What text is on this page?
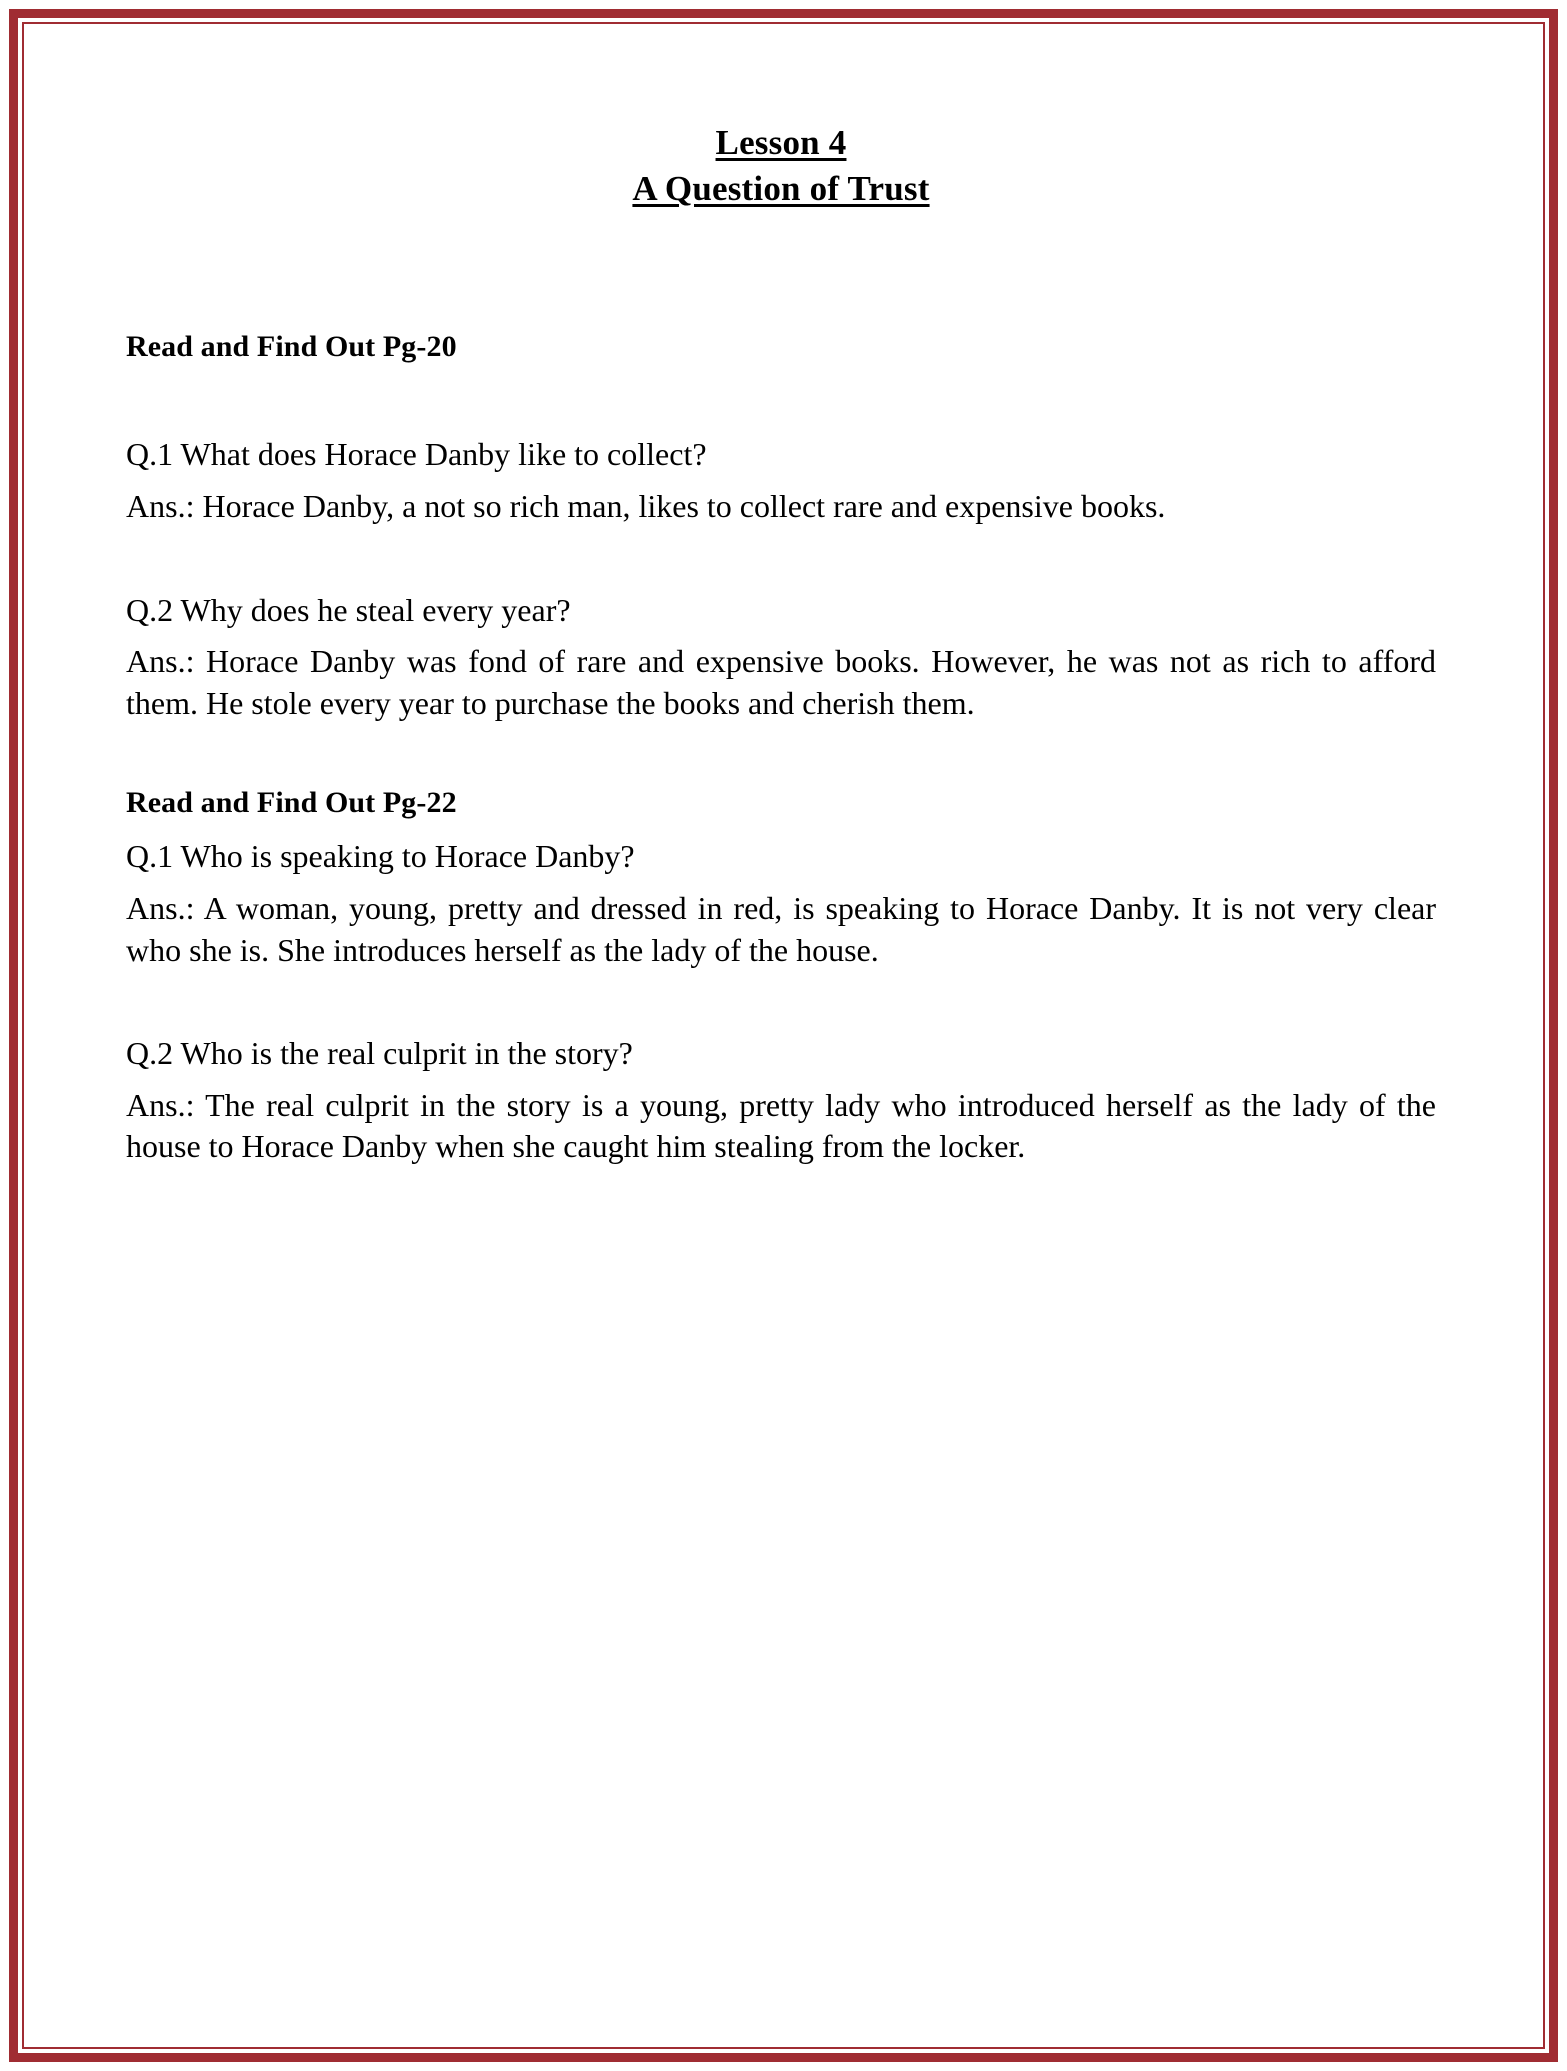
Lesson 4
A Question of Trust
Read and Find Out Pg-20
Q.1 What does Horace Danby like to collect?
Ans.: Horace Danby, a not so rich man, likes to collect rare and expensive books.
Q.2 Why does he steal every year?
Ans.: Horace Danby was fond of rare and expensive books. However, he was not as rich to afford them. He stole every year to purchase the books and cherish them.
Read and Find Out Pg-22
Q.1 Who is speaking to Horace Danby?
Ans.: A woman, young, pretty and dressed in red, is speaking to Horace Danby. It is not very clear who she is. She introduces herself as the lady of the house.
Q.2 Who is the real culprit in the story?
Ans.: The real culprit in the story is a young, pretty lady who introduced herself as the lady of the house to Horace Danby when she caught him stealing from the locker.
